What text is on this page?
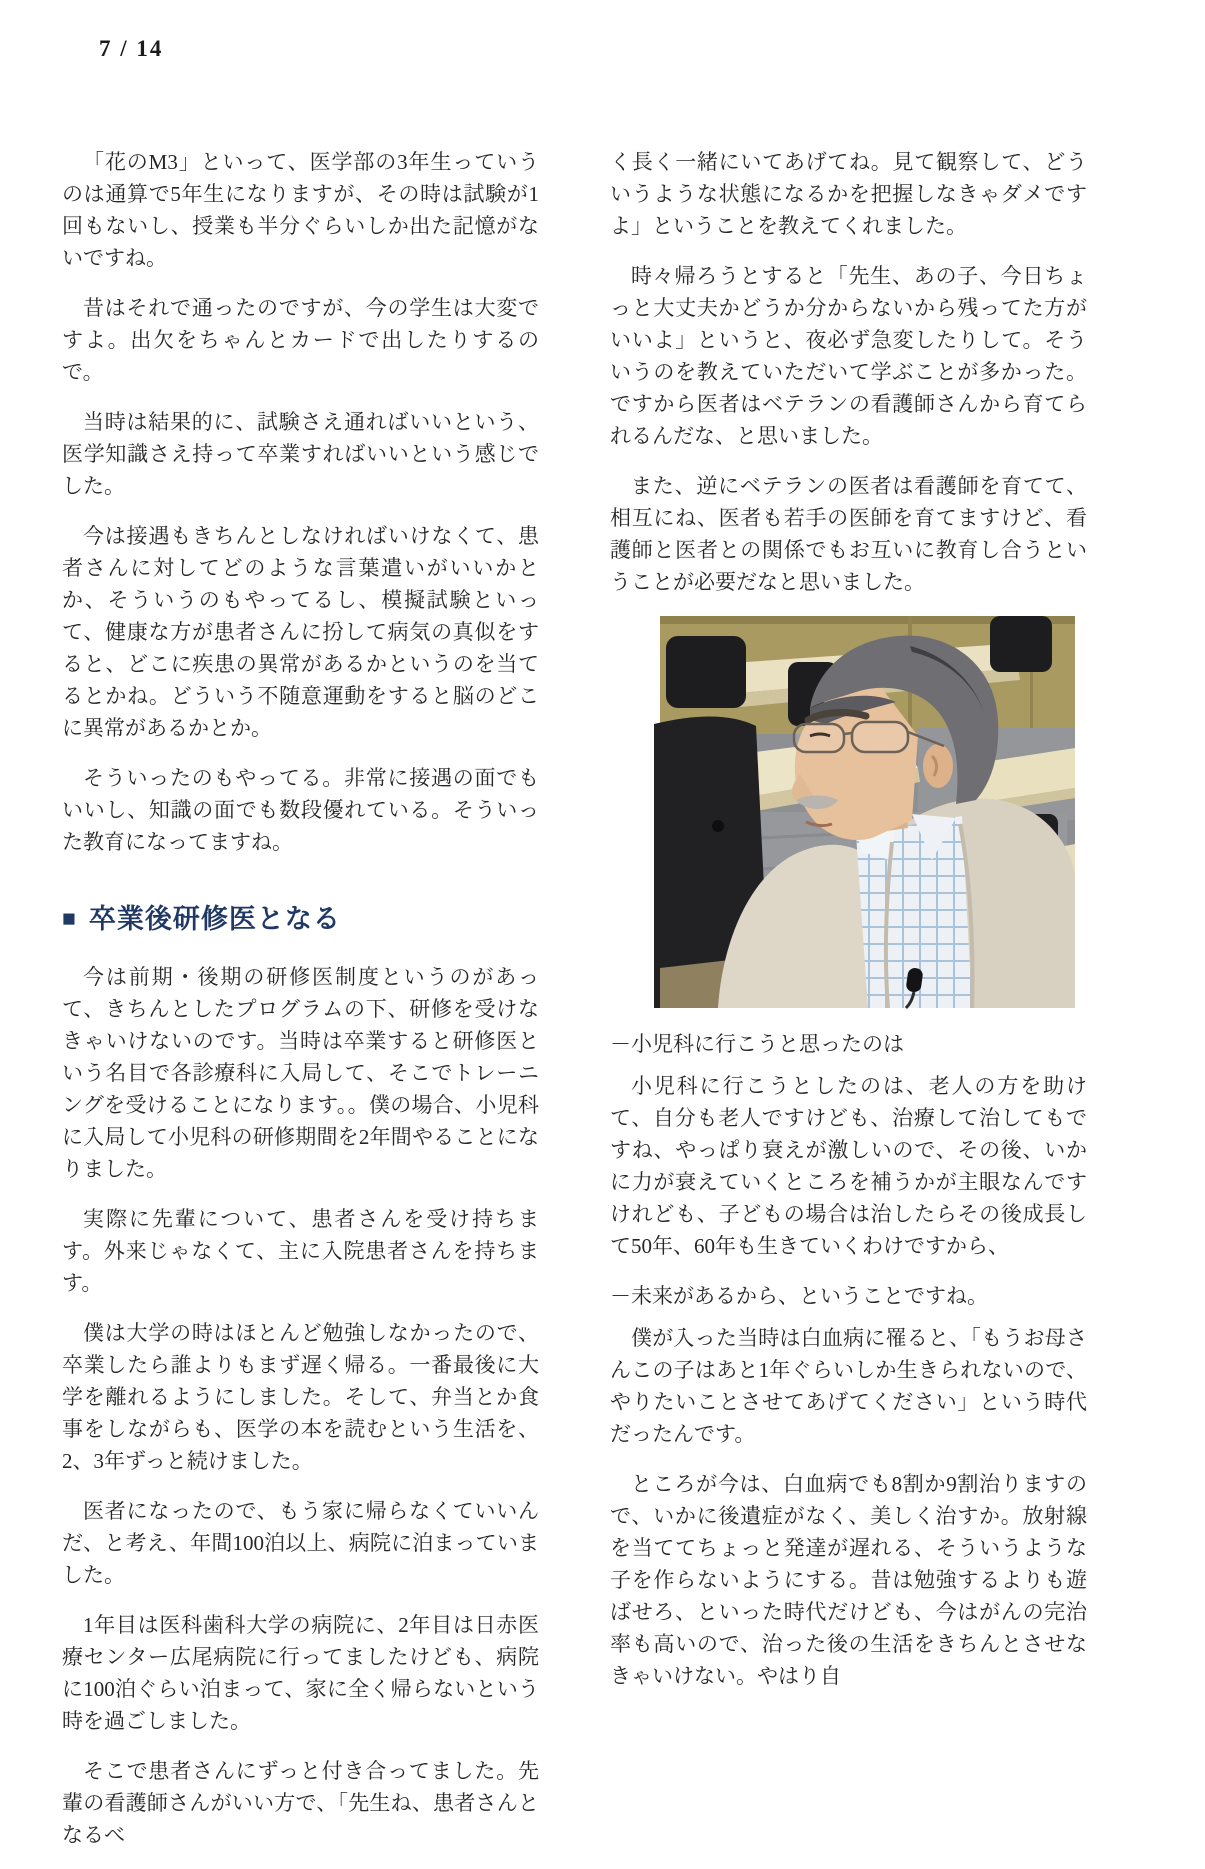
7 / 14

「花のM3」といって、医学部の3年生っていうのは通算で5年生になりますが、その時は試験が1回もないし、授業も半分ぐらいしか出た記憶がないですね。

昔はそれで通ったのですが、今の学生は大変ですよ。出欠をちゃんとカードで出したりするので。

当時は結果的に、試験さえ通ればいいという、医学知識さえ持って卒業すればいいという感じでした。

今は接遇もきちんとしなければいけなくて、患者さんに対してどのような言葉遣いがいいかとか、そういうのもやってるし、模擬試験といって、健康な方が患者さんに扮して病気の真似をすると、どこに疾患の異常があるかというのを当てるとかね。どういう不随意運動をすると脳のどこに異常があるかとか。

そういったのもやってる。非常に接遇の面でもいいし、知識の面でも数段優れている。そういった教育になってますね。

■ 卒業後研修医となる

今は前期・後期の研修医制度というのがあって、きちんとしたプログラムの下、研修を受けなきゃいけないのです。当時は卒業すると研修医という名目で各診療科に入局して、そこでトレーニングを受けることになります。。僕の場合、小児科に入局して小児科の研修期間を2年間やることになりました。

実際に先輩について、患者さんを受け持ちます。外来じゃなくて、主に入院患者さんを持ちます。

僕は大学の時はほとんど勉強しなかったので、卒業したら誰よりもまず遅く帰る。一番最後に大学を離れるようにしました。そして、弁当とか食事をしながらも、医学の本を読むという生活を、2、3年ずっと続けました。

医者になったので、もう家に帰らなくていいんだ、と考え、年間100泊以上、病院に泊まっていました。

1年目は医科歯科大学の病院に、2年目は日赤医療センター広尾病院に行ってましたけども、病院に100泊ぐらい泊まって、家に全く帰らないという時を過ごしました。

そこで患者さんにずっと付き合ってました。先輩の看護師さんがいい方で、「先生ね、患者さんとなるべ

く長く一緒にいてあげてね。見て観察して、どういうような状態になるかを把握しなきゃダメですよ」ということを教えてくれました。

時々帰ろうとすると「先生、あの子、今日ちょっと大丈夫かどうか分からないから残ってた方がいいよ」というと、夜必ず急変したりして。そういうのを教えていただいて学ぶことが多かった。ですから医者はベテランの看護師さんから育てられるんだな、と思いました。

また、逆にベテランの医者は看護師を育てて、相互にね、医者も若手の医師を育てますけど、看護師と医者との関係でもお互いに教育し合うということが必要だなと思いました。

－小児科に行こうと思ったのは

小児科に行こうとしたのは、老人の方を助けて、自分も老人ですけども、治療して治してもですね、やっぱり衰えが激しいので、その後、いかに力が衰えていくところを補うかが主眼なんですけれども、子どもの場合は治したらその後成長して50年、60年も生きていくわけですから、

－未来があるから、ということですね。

僕が入った当時は白血病に罹ると、「もうお母さんこの子はあと1年ぐらいしか生きられないので、やりたいことさせてあげてください」という時代だったんです。

ところが今は、白血病でも8割か9割治りますので、いかに後遺症がなく、美しく治すか。放射線を当ててちょっと発達が遅れる、そういうような子を作らないようにする。昔は勉強するよりも遊ばせろ、といった時代だけども、今はがんの完治率も高いので、治った後の生活をきちんとさせなきゃいけない。やはり自
